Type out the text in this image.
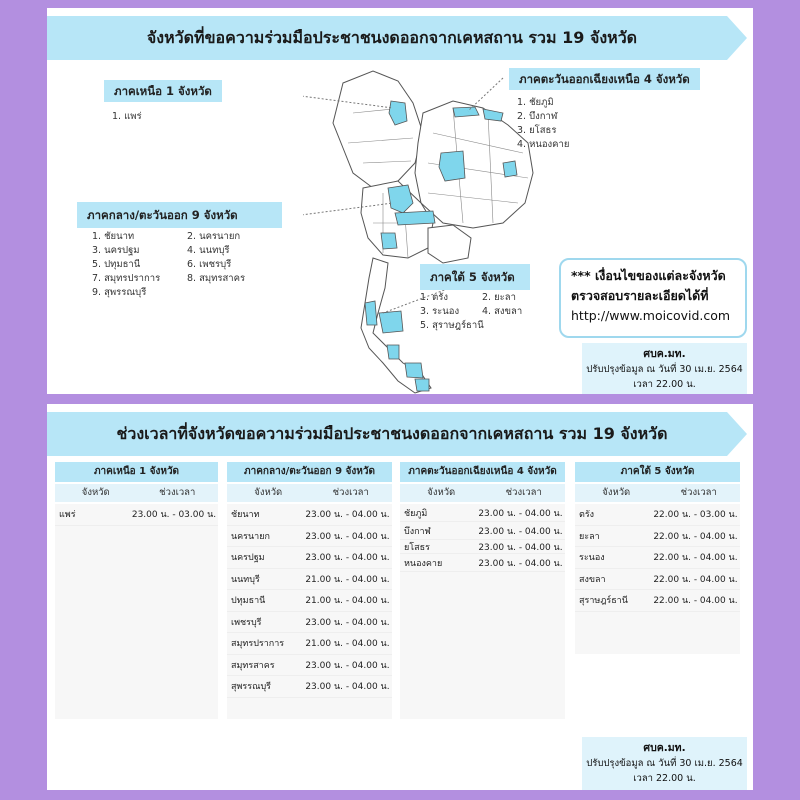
จังหวัดที่ขอความร่วมมือประชาชนงดออกจากเคหสถาน รวม 19 จังหวัด
ภาคเหนือ 1 จังหวัด
1. แพร่
ภาคตะวันออกเฉียงเหนือ 4 จังหวัด
1. ชัยภูมิ
2. บึงกาฬ
3. ยโสธร
4. หนองคาย
ภาคกลาง/ตะวันออก 9 จังหวัด
1. ชัยนาท
3. นครปฐม
5. ปทุมธานี
7. สมุทรปราการ
9. สุพรรณบุรี
2. นครนายก
4. นนทบุรี
6. เพชรบุรี
8. สมุทรสาคร	ภาคใต้ 5 จังหวัด
1. ตรัง
3. ระนอง
5. สุราษฎร์ธานี
2. ยะลา
4. สงขลา
*** เงื่อนไขของแต่ละจังหวัด
ตรวจสอบรายละเอียดได้ที่
http://www.moicovid.com
ศบค.มท.
ปรับปรุงข้อมูล ณ วันที่ 30 เม.ย. 2564
เวลา 22.00 น.
ช่วงเวลาที่จังหวัดขอความร่วมมือประชาชนงดออกจากเคหสถาน รวม 19 จังหวัด
ภาคเหนือ 1 จังหวัด
จังหวัด	ช่วงเวลา
แพร่	23.00 น. - 03.00 น.
ภาคกลาง/ตะวันออก 9 จังหวัด
จังหวัด	ช่วงเวลา
ชัยนาท	23.00 น. - 04.00 น.
นครนายก	23.00 น. - 04.00 น.
นครปฐม	23.00 น. - 04.00 น.
นนทบุรี	21.00 น. - 04.00 น.
ปทุมธานี	21.00 น. - 04.00 น.
เพชรบุรี	23.00 น. - 04.00 น.
สมุทรปราการ	21.00 น. - 04.00 น.
สมุทรสาคร	23.00 น. - 04.00 น.
สุพรรณบุรี	23.00 น. - 04.00 น.
ภาคตะวันออกเฉียงเหนือ 4 จังหวัด
จังหวัด	ช่วงเวลา
ชัยภูมิ	23.00 น. - 04.00 น.
บึงกาฬ	23.00 น. - 04.00 น.
ยโสธร	23.00 น. - 04.00 น.
หนองคาย	23.00 น. - 04.00 น.
ภาคใต้ 5 จังหวัด
จังหวัด	ช่วงเวลา
ตรัง	22.00 น. - 03.00 น.
ยะลา	22.00 น. - 04.00 น.
ระนอง	22.00 น. - 04.00 น.
สงขลา	22.00 น. - 04.00 น.
สุราษฎร์ธานี	22.00 น. - 04.00 น.
ศบค.มท.
ปรับปรุงข้อมูล ณ วันที่ 30 เม.ย. 2564
เวลา 22.00 น.
